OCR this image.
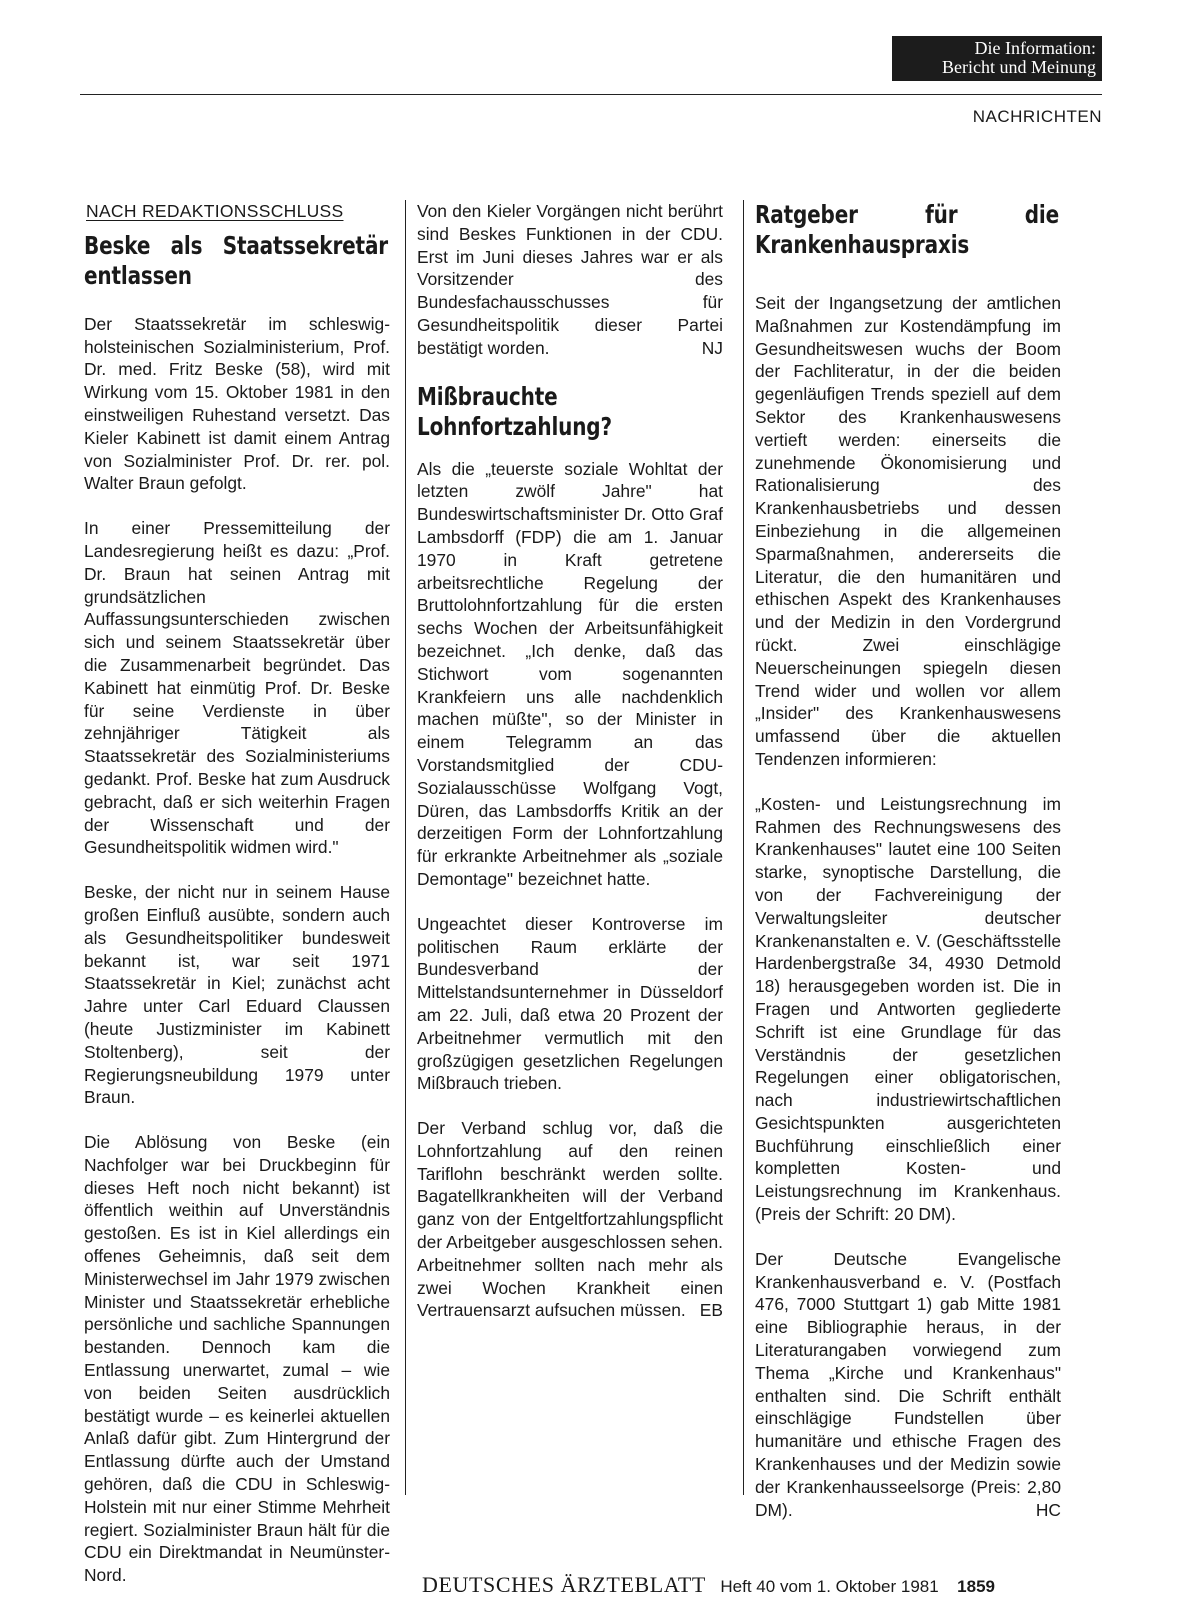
Die Information:
Bericht und Meinung
NACHRICHTEN
NACH REDAKTIONSSCHLUSS
Beske als Staatssekretär entlassen

Der Staatssekretär im schleswig-holsteinischen Sozialministerium, Prof. Dr. med. Fritz Beske (58), wird mit Wirkung vom 15. Oktober 1981 in den einstweiligen Ruhestand versetzt. Das Kieler Kabinett ist damit einem Antrag von Sozialminister Prof. Dr. rer. pol. Walter Braun gefolgt.

In einer Pressemitteilung der Landesregierung heißt es dazu: „Prof. Dr. Braun hat seinen Antrag mit grundsätzlichen Auffassungsunterschieden zwischen sich und seinem Staatssekretär über die Zusammenarbeit begründet. Das Kabinett hat einmütig Prof. Dr. Beske für seine Verdienste in über zehnjähriger Tätigkeit als Staatssekretär des Sozialministeriums gedankt. Prof. Beske hat zum Ausdruck gebracht, daß er sich weiterhin Fragen der Wissenschaft und der Gesundheitspolitik widmen wird."

Beske, der nicht nur in seinem Hause großen Einfluß ausübte, sondern auch als Gesundheitspolitiker bundesweit bekannt ist, war seit 1971 Staatssekretär in Kiel; zunächst acht Jahre unter Carl Eduard Claussen (heute Justizminister im Kabinett Stoltenberg), seit der Regierungsneubildung 1979 unter Braun.

Die Ablösung von Beske (ein Nachfolger war bei Druckbeginn für dieses Heft noch nicht bekannt) ist öffentlich weithin auf Unverständnis gestoßen. Es ist in Kiel allerdings ein offenes Geheimnis, daß seit dem Ministerwechsel im Jahr 1979 zwischen Minister und Staatssekretär erhebliche persönliche und sachliche Spannungen bestanden. Dennoch kam die Entlassung unerwartet, zumal – wie von beiden Seiten ausdrücklich bestätigt wurde – es keinerlei aktuellen Anlaß dafür gibt. Zum Hintergrund der Entlassung dürfte auch der Umstand gehören, daß die CDU in Schleswig-Holstein mit nur einer Stimme Mehrheit regiert. Sozialminister Braun hält für die CDU ein Direktmandat in Neumünster-Nord.

Von den Kieler Vorgängen nicht berührt sind Beskes Funktionen in der CDU. Erst im Juni dieses Jahres war er als Vorsitzender des Bundesfachausschusses für Gesundheitspolitik dieser Partei bestätigt worden.	NJ

Mißbrauchte Lohnfortzahlung?

Als die „teuerste soziale Wohltat der letzten zwölf Jahre" hat Bundeswirtschaftsminister Dr. Otto Graf Lambsdorff (FDP) die am 1. Januar 1970 in Kraft getretene arbeitsrechtliche Regelung der Bruttolohnfortzahlung für die ersten sechs Wochen der Arbeitsunfähigkeit bezeichnet. „Ich denke, daß das Stichwort vom sogenannten Krankfeiern uns alle nachdenklich machen müßte", so der Minister in einem Telegramm an das Vorstandsmitglied der CDU-Sozialausschüsse Wolfgang Vogt, Düren, das Lambsdorffs Kritik an der derzeitigen Form der Lohnfortzahlung für erkrankte Arbeitnehmer als „soziale Demontage" bezeichnet hatte.

Ungeachtet dieser Kontroverse im politischen Raum erklärte der Bundesverband der Mittelstandsunternehmer in Düsseldorf am 22. Juli, daß etwa 20 Prozent der Arbeitnehmer vermutlich mit den großzügigen gesetzlichen Regelungen Mißbrauch trieben.

Der Verband schlug vor, daß die Lohnfortzahlung auf den reinen Tariflohn beschränkt werden sollte. Bagatellkrankheiten will der Verband ganz von der Entgeltfortzahlungspflicht der Arbeitgeber ausgeschlossen sehen. Arbeitnehmer sollten nach mehr als zwei Wochen Krankheit einen Vertrauensarzt aufsuchen müssen. EB

Ratgeber für die Krankenhauspraxis

Seit der Ingangsetzung der amtlichen Maßnahmen zur Kostendämpfung im Gesundheitswesen wuchs der Boom der Fachliteratur, in der die beiden gegenläufigen Trends speziell auf dem Sektor des Krankenhauswesens vertieft werden: einerseits die zunehmende Ökonomisierung und Rationalisierung des Krankenhausbetriebs und dessen Einbeziehung in die allgemeinen Sparmaßnahmen, andererseits die Literatur, die den humanitären und ethischen Aspekt des Krankenhauses und der Medizin in den Vordergrund rückt. Zwei einschlägige Neuerscheinungen spiegeln diesen Trend wider und wollen vor allem „Insider" des Krankenhauswesens umfassend über die aktuellen Tendenzen informieren:

„Kosten- und Leistungsrechnung im Rahmen des Rechnungswesens des Krankenhauses" lautet eine 100 Seiten starke, synoptische Darstellung, die von der Fachvereinigung der Verwaltungsleiter deutscher Krankenanstalten e. V. (Geschäftsstelle Hardenbergstraße 34, 4930 Detmold 18) herausgegeben worden ist. Die in Fragen und Antworten gegliederte Schrift ist eine Grundlage für das Verständnis der gesetzlichen Regelungen einer obligatorischen, nach industriewirtschaftlichen Gesichtspunkten ausgerichteten Buchführung einschließlich einer kompletten Kosten- und Leistungsrechnung im Krankenhaus. (Preis der Schrift: 20 DM).

Der Deutsche Evangelische Krankenhausverband e. V. (Postfach 476, 7000 Stuttgart 1) gab Mitte 1981 eine Bibliographie heraus, in der Literaturangaben vorwiegend zum Thema „Kirche und Krankenhaus" enthalten sind. Die Schrift enthält einschlägige Fundstellen über humanitäre und ethische Fragen des Krankenhauses und der Medizin sowie der Krankenhausseelsorge (Preis: 2,80 DM).	HC

DEUTSCHES ÄRZTEBLATT Heft 40 vom 1. Oktober 1981 1859
